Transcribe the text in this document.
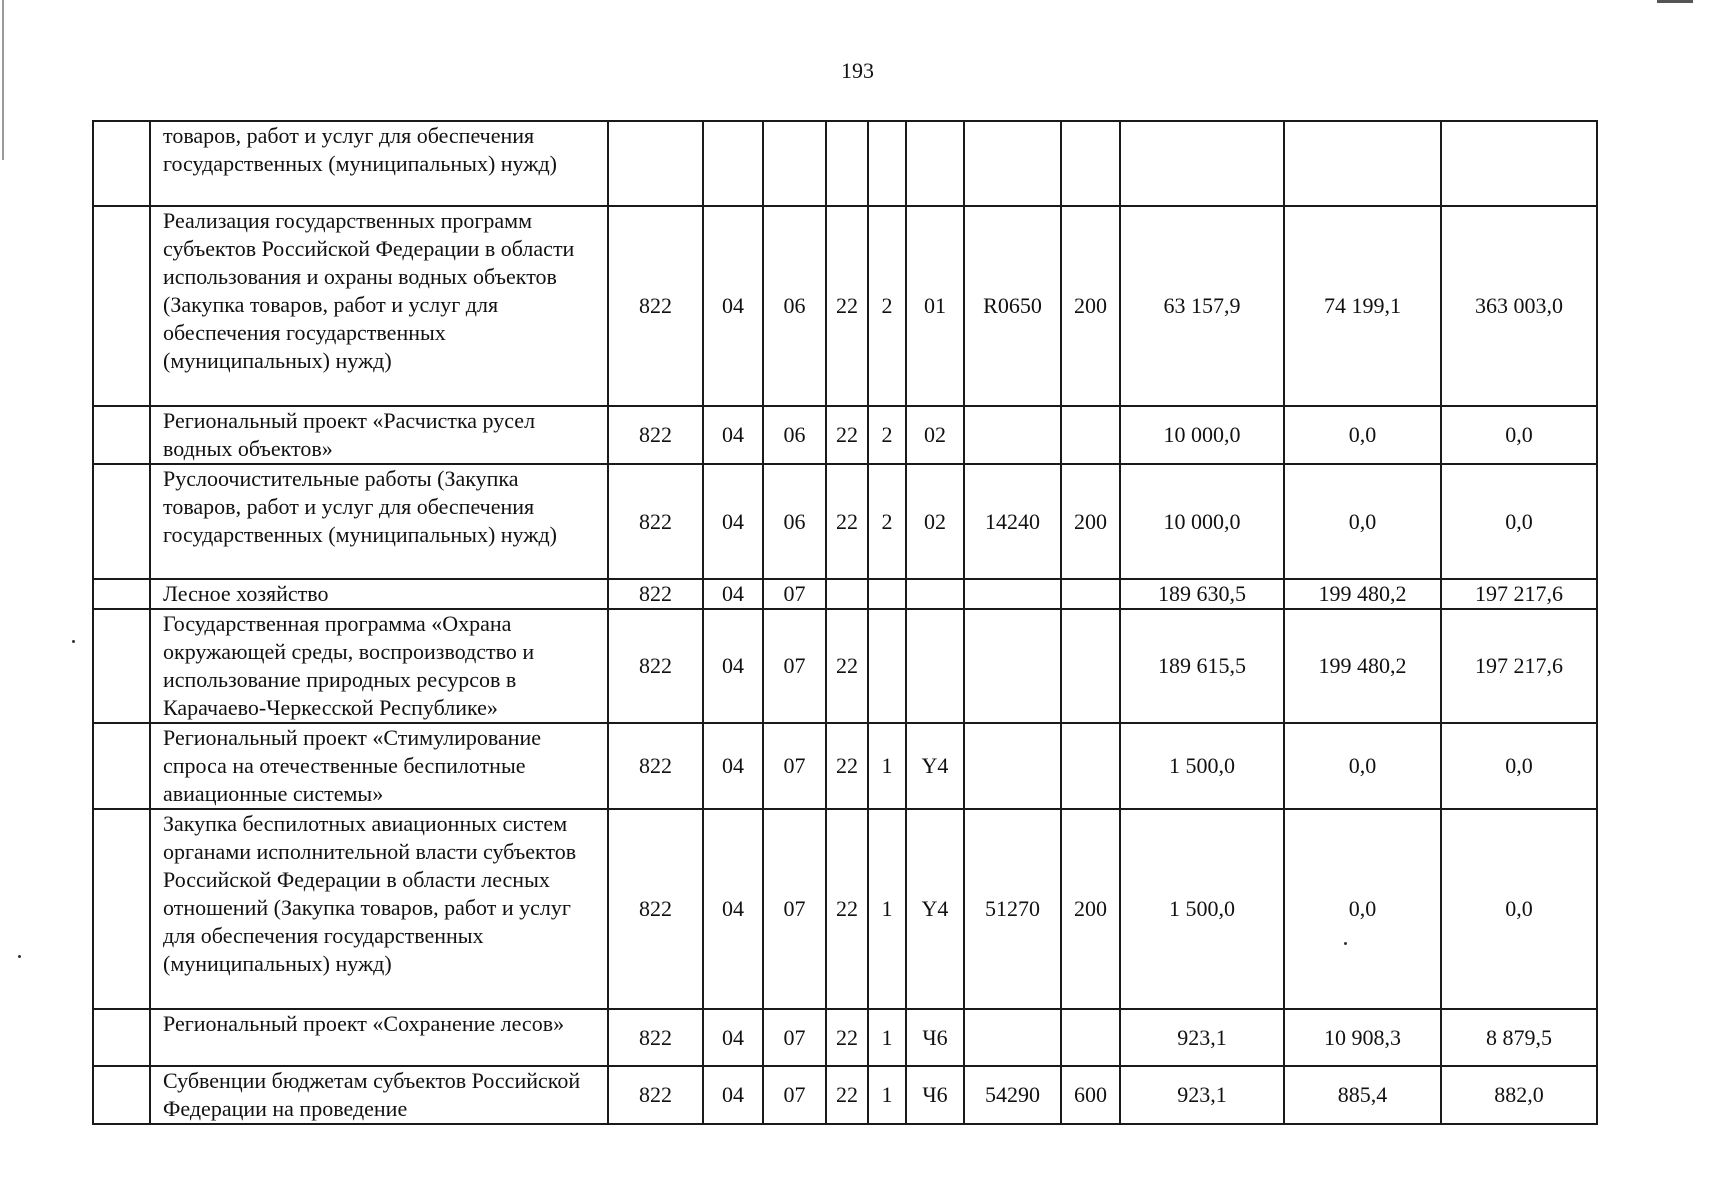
193
	товаров, работ и услуг для обеспечения государственных (муниципальных) нужд)											
	Реализация государственных программ субъектов Российской Федерации в области использования и охраны водных объектов (Закупка товаров, работ и услуг для обеспечения государственных (муниципальных) нужд)	822	04	06	22	2	01	R0650	200	63 157,9	74 199,1	363 003,0
	Региональный проект «Расчистка русел водных объектов»	822	04	06	22	2	02			10 000,0	0,0	0,0
	Руслоочистительные работы (Закупка товаров, работ и услуг для обеспечения государственных (муниципальных) нужд)	822	04	06	22	2	02	14240	200	10 000,0	0,0	0,0
	Лесное хозяйство	822	04	07						189 630,5	199 480,2	197 217,6
	Государственная программа «Охрана окружающей среды, воспроизводство и использование природных ресурсов в Карачаево-Черкесской Республике»	822	04	07	22					189 615,5	199 480,2	197 217,6
	Региональный проект «Стимулирование спроса на отечественные беспилотные авиационные системы»	822	04	07	22	1	Y4			1 500,0	0,0	0,0
	Закупка беспилотных авиационных систем органами исполнительной власти субъектов Российской Федерации в области лесных отношений (Закупка товаров, работ и услуг для обеспечения государственных (муниципальных) нужд)	822	04	07	22	1	Y4	51270	200	1 500,0	0,0	0,0
	Региональный проект «Сохранение лесов»	822	04	07	22	1	Ч6			923,1	10 908,3	8 879,5
	Субвенции бюджетам субъектов Российской Федерации на проведение	822	04	07	22	1	Ч6	54290	600	923,1	885,4	882,0
